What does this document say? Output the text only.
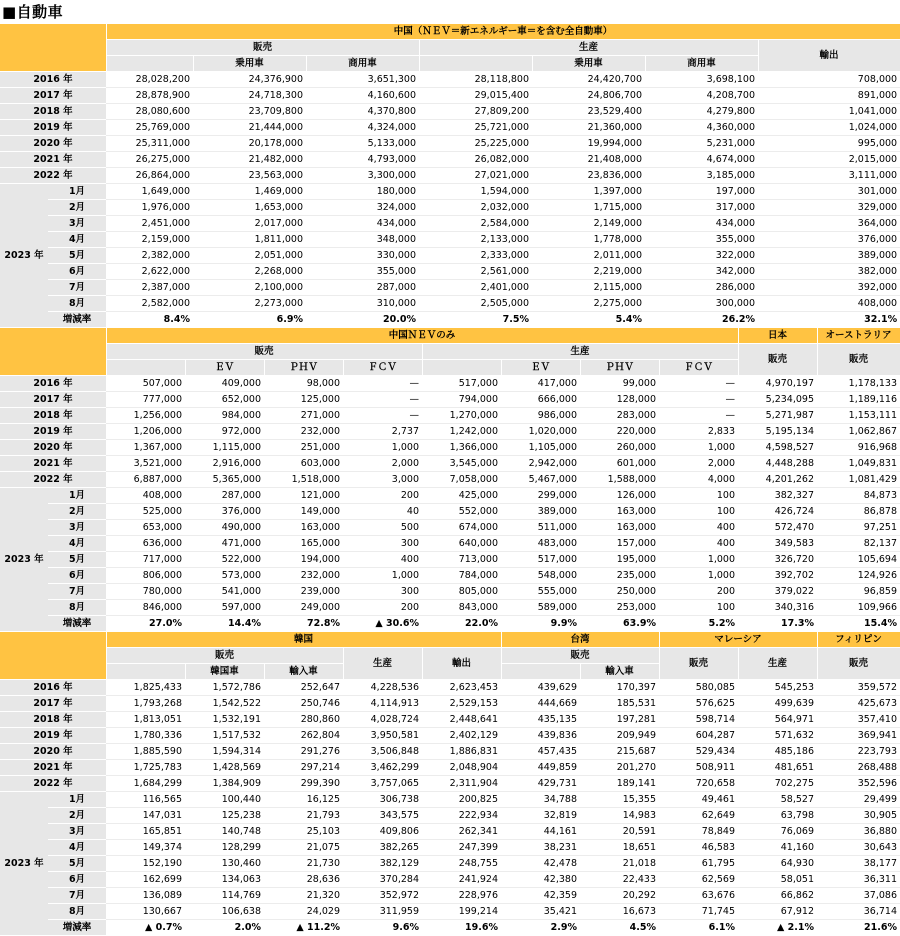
■自動車
		中国（ＮＥＶ＝新エネルギー車＝を含む全自動車）						
		販売			生産			輸出
			乗用車	商用車		乗用車	商用車	
2016 年		28,028,200	24,376,900	3,651,300	28,118,800	24,420,700	3,698,100	708,000
2017 年		28,878,900	24,718,300	4,160,600	29,015,400	24,806,700	4,208,700	891,000
2018 年		28,080,600	23,709,800	4,370,800	27,809,200	23,529,400	4,279,800	1,041,000
2019 年		25,769,000	21,444,000	4,324,000	25,721,000	21,360,000	4,360,000	1,024,000
2020 年		25,311,000	20,178,000	5,133,000	25,225,000	19,994,000	5,231,000	995,000
2021 年		26,275,000	21,482,000	4,793,000	26,082,000	21,408,000	4,674,000	2,015,000
2022 年		26,864,000	23,563,000	3,300,000	27,021,000	23,836,000	3,185,000	3,111,000
2023 年	1月	1,649,000	1,469,000	180,000	1,594,000	1,397,000	197,000	301,000
	2月	1,976,000	1,653,000	324,000	2,032,000	1,715,000	317,000	329,000
	3月	2,451,000	2,017,000	434,000	2,584,000	2,149,000	434,000	364,000
	4月	2,159,000	1,811,000	348,000	2,133,000	1,778,000	355,000	376,000
	5月	2,382,000	2,051,000	330,000	2,333,000	2,011,000	322,000	389,000
	6月	2,622,000	2,268,000	355,000	2,561,000	2,219,000	342,000	382,000
	7月	2,387,000	2,100,000	287,000	2,401,000	2,115,000	286,000	392,000
	8月	2,582,000	2,273,000	310,000	2,505,000	2,275,000	300,000	408,000
	増減率	8.4%	6.9%	20.0%	7.5%	5.4%	26.2%	32.1%
		中国ＮＥＶのみ								日本	オーストラリア
		販売				生産				販売	販売
			ＥＶ	ＰＨＶ	ＦＣＶ		ＥＶ	ＰＨＶ	ＦＣＶ		
2016 年		507,000	409,000	98,000	—	517,000	417,000	99,000	—	4,970,197	1,178,133
2017 年		777,000	652,000	125,000	—	794,000	666,000	128,000	—	5,234,095	1,189,116
2018 年		1,256,000	984,000	271,000	—	1,270,000	986,000	283,000	—	5,271,987	1,153,111
2019 年		1,206,000	972,000	232,000	2,737	1,242,000	1,020,000	220,000	2,833	5,195,134	1,062,867
2020 年		1,367,000	1,115,000	251,000	1,000	1,366,000	1,105,000	260,000	1,000	4,598,527	916,968
2021 年		3,521,000	2,916,000	603,000	2,000	3,545,000	2,942,000	601,000	2,000	4,448,288	1,049,831
2022 年		6,887,000	5,365,000	1,518,000	3,000	7,058,000	5,467,000	1,588,000	4,000	4,201,262	1,081,429
2023 年	1月	408,000	287,000	121,000	200	425,000	299,000	126,000	100	382,327	84,873
	2月	525,000	376,000	149,000	40	552,000	389,000	163,000	100	426,724	86,878
	3月	653,000	490,000	163,000	500	674,000	511,000	163,000	400	572,470	97,251
	4月	636,000	471,000	165,000	300	640,000	483,000	157,000	400	349,583	82,137
	5月	717,000	522,000	194,000	400	713,000	517,000	195,000	1,000	326,720	105,694
	6月	806,000	573,000	232,000	1,000	784,000	548,000	235,000	1,000	392,702	124,926
	7月	780,000	541,000	239,000	300	805,000	555,000	250,000	200	379,022	96,859
	8月	846,000	597,000	249,000	200	843,000	589,000	253,000	100	340,316	109,966
	増減率	27.0%	14.4%	72.8%	▲ 30.6%	22.0%	9.9%	63.9%	5.2%	17.3%	15.4%
		韓国					台湾		マレーシア		フィリピン
		販売			生産	輸出	販売		販売	生産	販売
			韓国車	輸入車				輸入車			
2016 年		1,825,433	1,572,786	252,647	4,228,536	2,623,453	439,629	170,397	580,085	545,253	359,572
2017 年		1,793,268	1,542,522	250,746	4,114,913	2,529,153	444,669	185,531	576,625	499,639	425,673
2018 年		1,813,051	1,532,191	280,860	4,028,724	2,448,641	435,135	197,281	598,714	564,971	357,410
2019 年		1,780,336	1,517,532	262,804	3,950,581	2,402,129	439,836	209,949	604,287	571,632	369,941
2020 年		1,885,590	1,594,314	291,276	3,506,848	1,886,831	457,435	215,687	529,434	485,186	223,793
2021 年		1,725,783	1,428,569	297,214	3,462,299	2,048,904	449,859	201,270	508,911	481,651	268,488
2022 年		1,684,299	1,384,909	299,390	3,757,065	2,311,904	429,731	189,141	720,658	702,275	352,596
2023 年	1月	116,565	100,440	16,125	306,738	200,825	34,788	15,355	49,461	58,527	29,499
	2月	147,031	125,238	21,793	343,575	222,934	32,819	14,983	62,649	63,798	30,905
	3月	165,851	140,748	25,103	409,806	262,341	44,161	20,591	78,849	76,069	36,880
	4月	149,374	128,299	21,075	382,265	247,399	38,231	18,651	46,583	41,160	30,643
	5月	152,190	130,460	21,730	382,129	248,755	42,478	21,018	61,795	64,930	38,177
	6月	162,699	134,063	28,636	370,284	241,924	42,380	22,433	62,569	58,051	36,311
	7月	136,089	114,769	21,320	352,972	228,976	42,359	20,292	63,676	66,862	37,086
	8月	130,667	106,638	24,029	311,959	199,214	35,421	16,673	71,745	67,912	36,714
	増減率	▲ 0.7%	2.0%	▲ 11.2%	9.6%	19.6%	2.9%	4.5%	6.1%	▲ 2.1%	21.6%
